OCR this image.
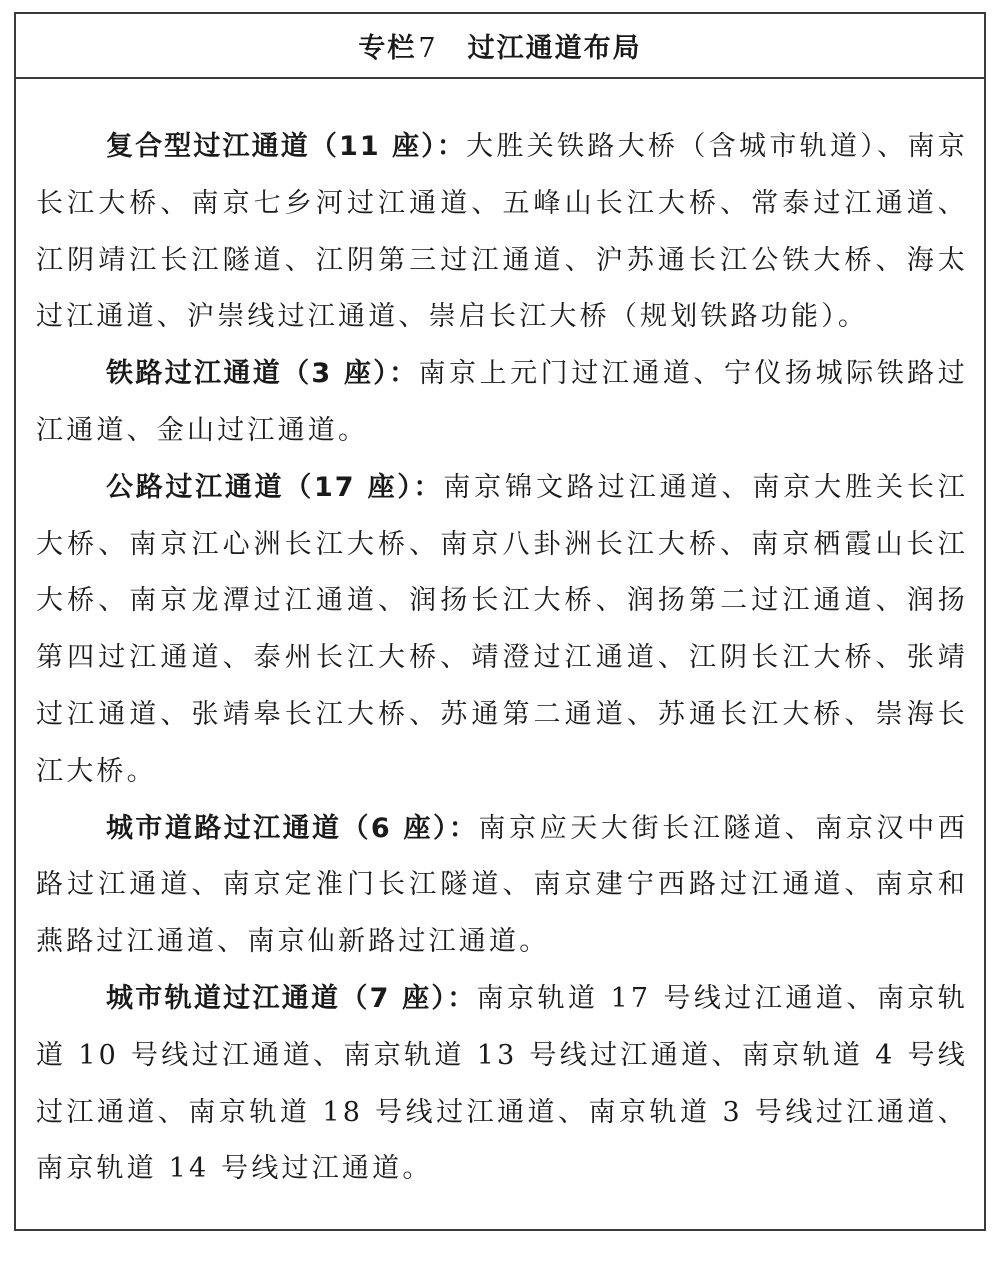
专栏7 过江通道布局

复合型过江通道（11 座）：大胜关铁路大桥（含城市轨道）、南京长江大桥、南京七乡河过江通道、五峰山长江大桥、常泰过江通道、江阴靖江长江隧道、江阴第三过江通道、沪苏通长江公铁大桥、海太过江通道、沪崇线过江通道、崇启长江大桥（规划铁路功能）。

铁路过江通道（3 座）：南京上元门过江通道、宁仪扬城际铁路过江通道、金山过江通道。

公路过江通道（17 座）：南京锦文路过江通道、南京大胜关长江大桥、南京江心洲长江大桥、南京八卦洲长江大桥、南京栖霞山长江大桥、南京龙潭过江通道、润扬长江大桥、润扬第二过江通道、润扬第四过江通道、泰州长江大桥、靖澄过江通道、江阴长江大桥、张靖过江通道、张靖皋长江大桥、苏通第二通道、苏通长江大桥、崇海长江大桥。

城市道路过江通道（6 座）：南京应天大街长江隧道、南京汉中西路过江通道、南京定淮门长江隧道、南京建宁西路过江通道、南京和燕路过江通道、南京仙新路过江通道。

城市轨道过江通道（7 座）：南京轨道 17 号线过江通道、南京轨道 10 号线过江通道、南京轨道 13 号线过江通道、南京轨道 4 号线过江通道、南京轨道 18 号线过江通道、南京轨道 3 号线过江通道、南京轨道 14 号线过江通道。
